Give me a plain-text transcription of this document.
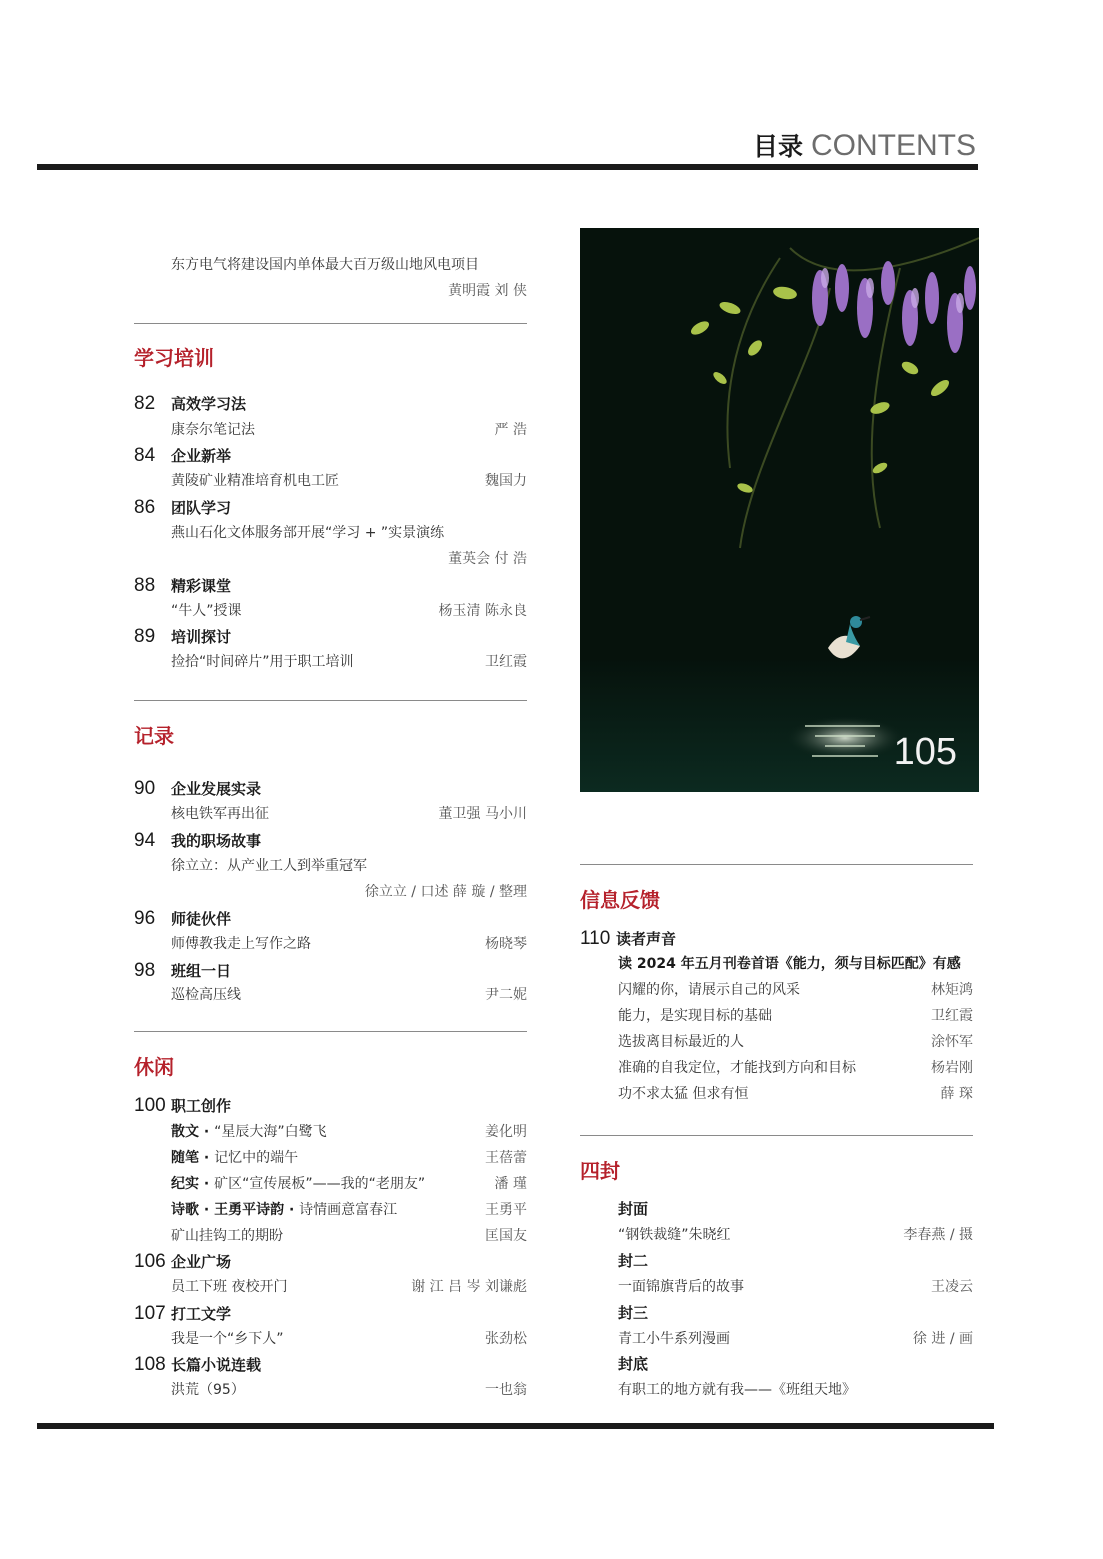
目录 CONTENTS
东方电气将建设国内单体最大百万级山地风电项目
黄明霞 刘 侠
学习培训
82 高效学习法
康奈尔笔记法	严 浩
84 企业新举
黄陵矿业精准培育机电工匠	魏国力
86 团队学习
燕山石化文体服务部开展“学习 + ”实景演练
董英会 付 浩
88 精彩课堂
“牛人”授课	杨玉清 陈永良
89 培训探讨
捡拾“时间碎片”用于职工培训	卫红霞
记录
90 企业发展实录
核电铁军再出征	董卫强 马小川
94 我的职场故事
徐立立：从产业工人到举重冠军
徐立立 / 口述 薛 璇 / 整理
96 师徒伙伴
师傅教我走上写作之路	杨晓琴
98 班组一日
巡检高压线	尹二妮
休闲
100 职工创作
散文 · “星辰大海”白鹭飞	姜化明
随笔 · 记忆中的端午	王蓓蕾
纪实 · 矿区“宣传展板”——我的“老朋友”	潘 瑾
诗歌 · 王勇平诗韵 · 诗情画意富春江	王勇平
矿山挂钩工的期盼	匡国友
106 企业广场
员工下班 夜校开门	谢 江 吕 岑 刘谦彪
107 打工文学
我是一个“乡下人”	张劲松
108 长篇小说连载
洪荒（95）	一也翁
105
信息反馈
110 读者声音
读 2024 年五月刊卷首语《能力，须与目标匹配》有感
闪耀的你，请展示自己的风采	林矩鸿
能力，是实现目标的基础	卫红霞
选拔离目标最近的人	涂怀军
准确的自我定位，才能找到方向和目标	杨岩刚
功不求太猛 但求有恒	薛 琛
四封
封面
“钢铁裁缝”朱晓红	李春燕 / 摄
封二
一面锦旗背后的故事	王凌云
封三
青工小牛系列漫画	徐 进 / 画
封底
有职工的地方就有我——《班组天地》
